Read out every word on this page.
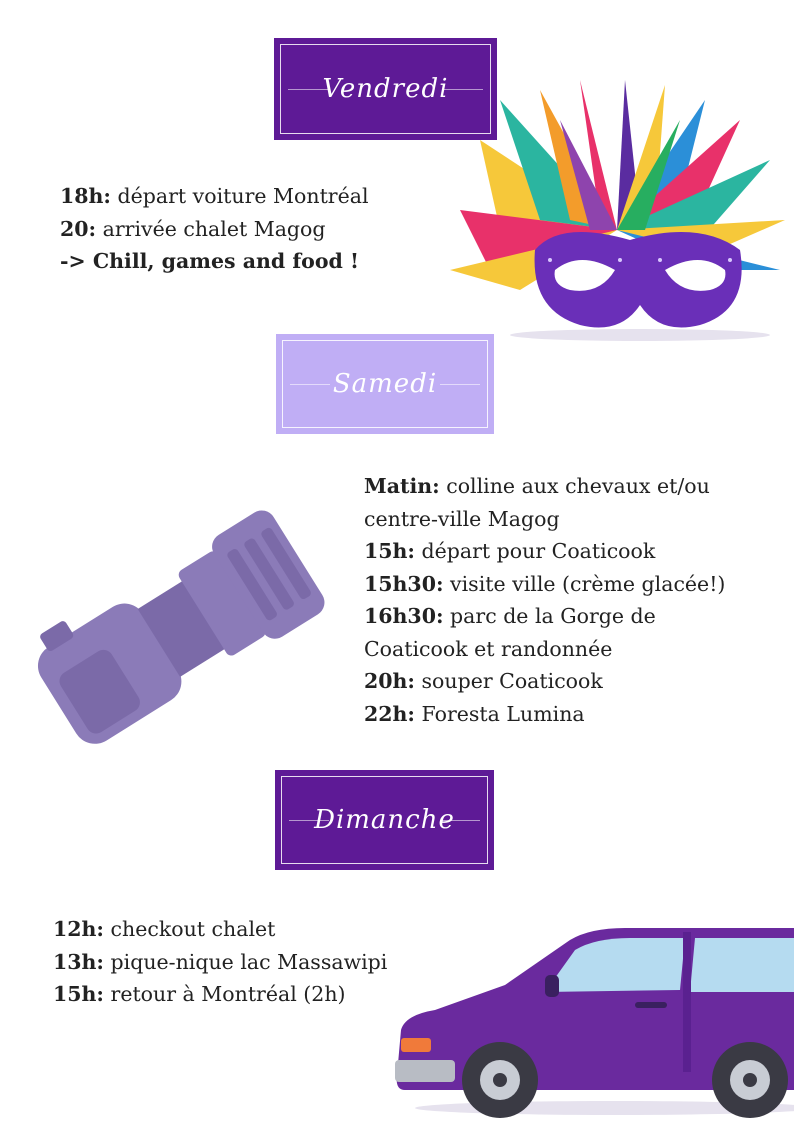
Vendredi
18h: départ voiture Montréal
20: arrivée chalet Magog
-> Chill, games and food !
Samedi
Matin: colline aux chevaux et/ou
centre-ville Magog
15h: départ pour Coaticook
15h30: visite ville (crème glacée!)
16h30: parc de la Gorge de
Coaticook et randonnée
20h: souper Coaticook
22h: Foresta Lumina
Dimanche
12h: checkout chalet
13h: pique-nique lac Massawipi
15h: retour à Montréal (2h)
